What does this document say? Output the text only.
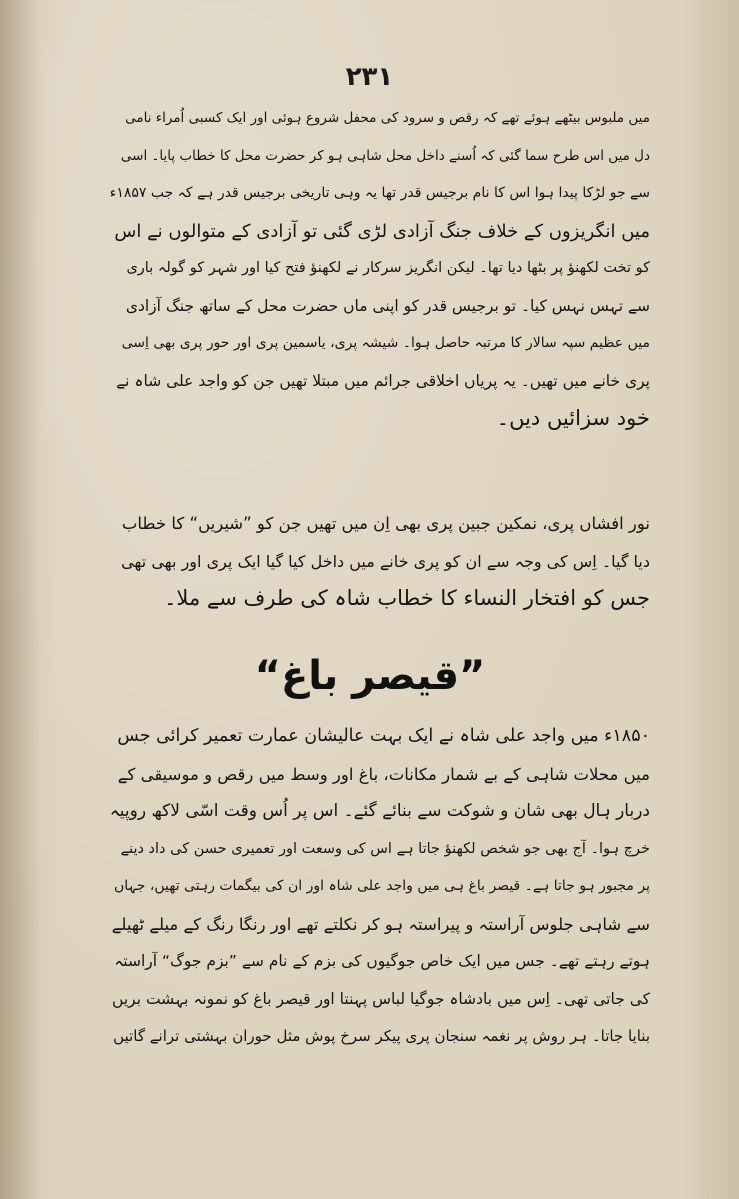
۲۳۱
میں ملبوس بیٹھے ہوئے تھے کہ رقص و سرود کی محفل شروع ہوئی اور ایک کسبی اُمراء نامی
دل میں اس طرح سما گئی کہ اُسنے داخل محل شاہی ہو کر حضرت محل کا خطاب پایا۔ اسی
سے جو لڑکا پیدا ہوا اس کا نام برجیس قدر تھا یہ وہی تاریخی برجیس قدر ہے کہ جب ۱۸۵۷ء
میں انگریزوں کے خلاف جنگ آزادی لڑی گئی تو آزادی کے متوالوں نے اس
کو تخت لکھنؤ پر بٹھا دیا تھا۔ لیکن انگریز سرکار نے لکھنؤ فتح کیا اور شہر کو گولہ باری
سے تہس نہس کیا۔ تو برجیس قدر کو اپنی ماں حضرت محل کے ساتھ جنگ آزادی
میں عظیم سپہ سالار کا مرتبہ حاصل ہوا۔ شیشہ پری، یاسمین پری اور حور پری بھی اِسی
پری خانے میں تھیں۔ یہ پریاں اخلاقی جرائم میں مبتلا تھیں جن کو واجد علی شاہ نے
خود سزائیں دیں۔
نور افشاں پری، نمکین جبین پری بھی اِن میں تھیں جن کو ”شیریں“ کا خطاب
دیا گیا۔ اِس کی وجہ سے ان کو پری خانے میں داخل کیا گیا ایک پری اور بھی تھی
جس کو افتخار النساء کا خطاب شاہ کی طرف سے ملا۔
”قیصر باغ“
۱۸۵۰ء میں واجد علی شاہ نے ایک بہت عالیشان عمارت تعمیر کرائی جس
میں محلات شاہی کے بے شمار مکانات، باغ اور وسط میں رقص و موسیقی کے
دربار ہال بھی شان و شوکت سے بنائے گئے۔ اس پر اُس وقت اسّی لاکھ روپیہ
خرچ ہوا۔ آج بھی جو شخص لکھنؤ جاتا ہے اس کی وسعت اور تعمیری حسن کی داد دینے
پر مجبور ہو جاتا ہے۔ قیصر باغ ہی میں واجد علی شاہ اور ان کی بیگمات رہتی تھیں، جہاں
سے شاہی جلوس آراستہ و پیراستہ ہو کر نکلتے تھے اور رنگا رنگ کے میلے ٹھیلے
ہوتے رہتے تھے۔ جس میں ایک خاص جوگیوں کی بزم کے نام سے ”بزم جوگ“ آراستہ
کی جاتی تھی۔ اِس میں بادشاہ جوگیا لباس پہنتا اور قیصر باغ کو نمونہ بہشت بریں
بنایا جاتا۔ ہر روش پر نغمہ سنجان پری پیکر سرخ پوش مثل حوران بہشتی ترانے گاتیں
